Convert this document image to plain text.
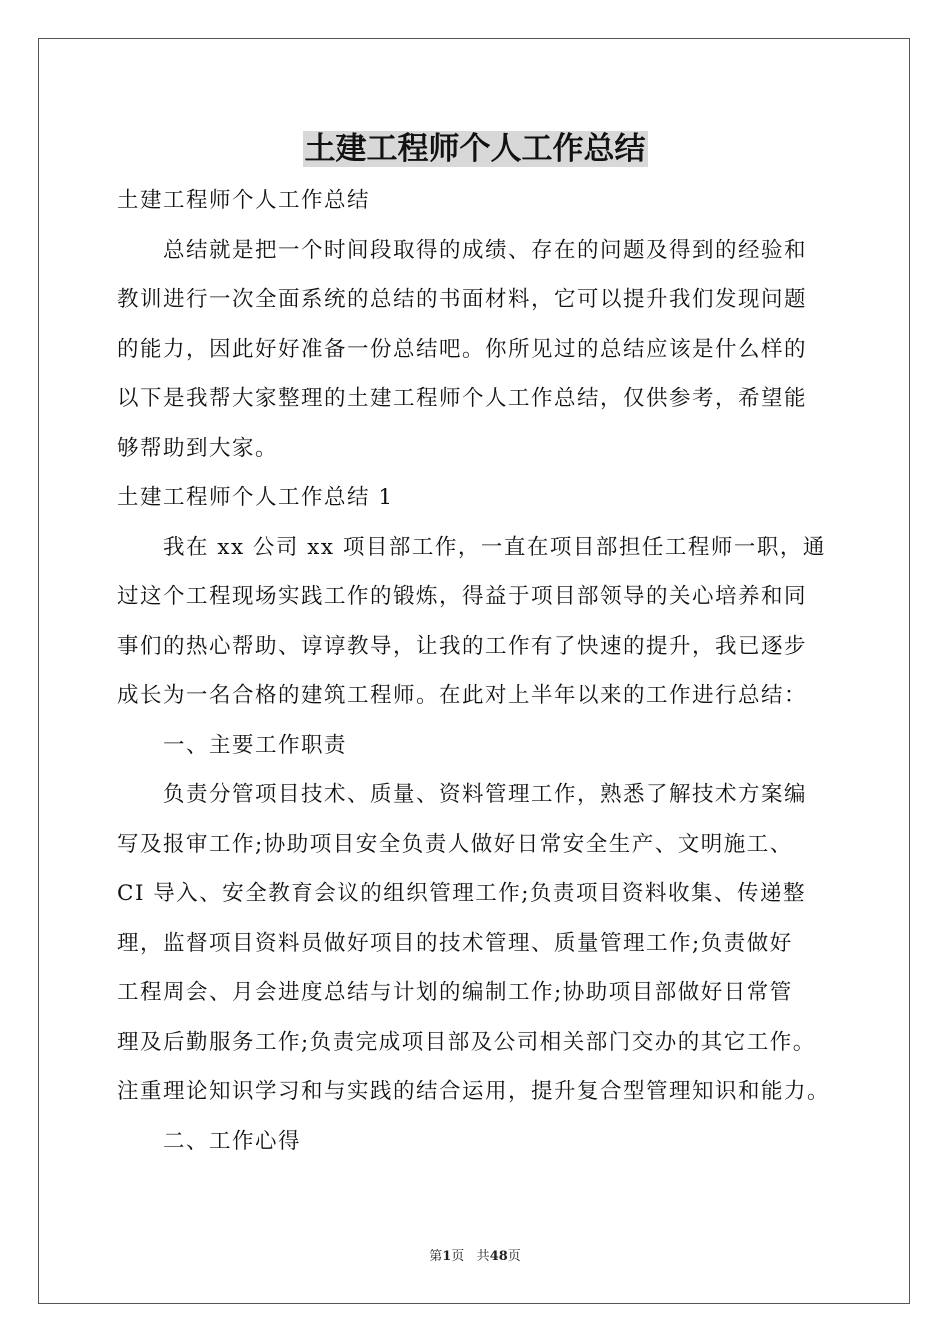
土建工程师个人工作总结
土建工程师个人工作总结
总结就是把一个时间段取得的成绩、存在的问题及得到的经验和
教训进行一次全面系统的总结的书面材料，它可以提升我们发现问题
的能力，因此好好准备一份总结吧。你所见过的总结应该是什么样的
以下是我帮大家整理的土建工程师个人工作总结，仅供参考，希望能
够帮助到大家。
土建工程师个人工作总结 1
我在 xx 公司 xx 项目部工作，一直在项目部担任工程师一职，通
过这个工程现场实践工作的锻炼，得益于项目部领导的关心培养和同
事们的热心帮助、谆谆教导，让我的工作有了快速的提升，我已逐步
成长为一名合格的建筑工程师。在此对上半年以来的工作进行总结：
一、主要工作职责
负责分管项目技术、质量、资料管理工作，熟悉了解技术方案编
写及报审工作;协助项目安全负责人做好日常安全生产、文明施工、
CI 导入、安全教育会议的组织管理工作;负责项目资料收集、传递整
理，监督项目资料员做好项目的技术管理、质量管理工作;负责做好
工程周会、月会进度总结与计划的编制工作;协助项目部做好日常管
理及后勤服务工作;负责完成项目部及公司相关部门交办的其它工作。
注重理论知识学习和与实践的结合运用，提升复合型管理知识和能力。
二、工作心得
第1页 共48页
